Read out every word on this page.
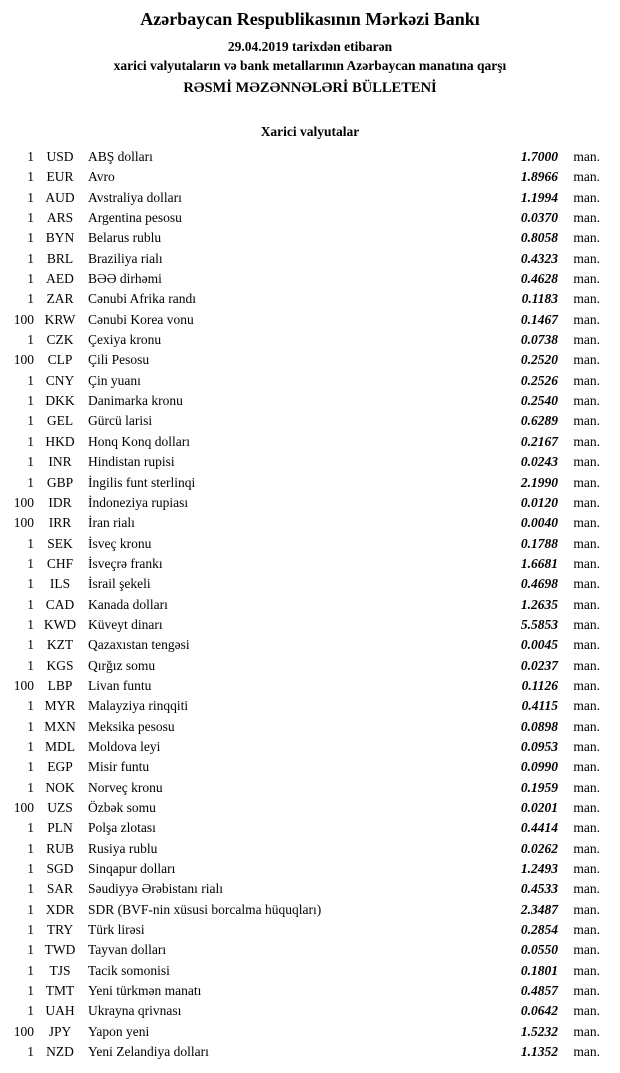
Azərbaycan Respublikasının Mərkəzi Bankı
29.04.2019 tarixdən etibarən
xarici valyutaların və bank metallarının Azərbaycan manatına qarşı
RƏSMİ MƏZƏNNƏLƏRİ BÜLLETENİ
Xarici valyutalar
1 USD	ABŞ dolları	1.7000	man.
1 EUR	Avro	1.8966	man.
1 AUD Avstraliya dolları	1.1994	man.
1 ARS	Argentina pesosu	0.0370	man.
1 BYN	Belarus rublu	0.8058	man.
1 BRL	Braziliya rialı	0.4323	man.
1 AED	BƏƏ dirhəmi	0.4628	man.
1 ZAR	Cənubi Afrika randı	0.1183	man.
100 KRW Cənubi Korea vonu	0.1467	man.
1 CZK	Çexiya kronu	0.0738	man.
100	CLP	Çili Pesosu	0.2520	man.
1 CNY	Çin yuanı	0.2526	man.
1 DKK Danimarka kronu	0.2540	man.
1 GEL	Gürcü larisi	0.6289	man.
1 HKD Honq Konq dolları	0.2167	man.
1	INR	Hindistan rupisi	0.0243	man.
1 GBP	İngilis funt sterlinqi	2.1990	man.
100	IDR	İndoneziya rupiası	0.0120	man.
100	IRR	İran rialı	0.0040	man.
1 SEK	İsveç kronu	0.1788	man.
1 CHF	İsveçrə frankı	1.6681	man.
1	ILS	İsrail şekeli	0.4698	man.
1 CAD	Kanada dolları	1.2635	man.
1 KWD Küveyt dinarı	5.5853	man.
1 KZT	Qazaxıstan tengəsi	0.0045	man.
1 KGS	Qırğız somu	0.0237	man.
100	LBP	Livan funtu	0.1126	man.
1 MYR Malayziya rinqqiti	0.4115	man.
1 MXN Meksika pesosu	0.0898	man.
1 MDL Moldova leyi	0.0953	man.
1 EGP	Misir funtu	0.0990	man.
1 NOK Norveç kronu	0.1959	man.
100 UZS	Özbək somu	0.0201	man.
1 PLN	Polşa zlotası	0.4414	man.
1 RUB	Rusiya rublu	0.0262	man.
1 SGD	Sinqapur dolları	1.2493	man.
1 SAR	Səudiyyə Ərəbistanı rialı	0.4533	man.
1 XDR	SDR (BVF-nin xüsusi borcalma hüquqları)	2.3487	man.
1 TRY	Türk lirəsi	0.2854	man.
1 TWD Tayvan dolları	0.0550	man.
1	TJS	Tacik somonisi	0.1801	man.
1 TMT	Yeni türkmən manatı	0.4857	man.
1 UAH Ukrayna qrivnası	0.0642	man.
100	JPY	Yapon yeni	1.5232	man.
1 NZD	Yeni Zelandiya dolları	1.1352	man.
